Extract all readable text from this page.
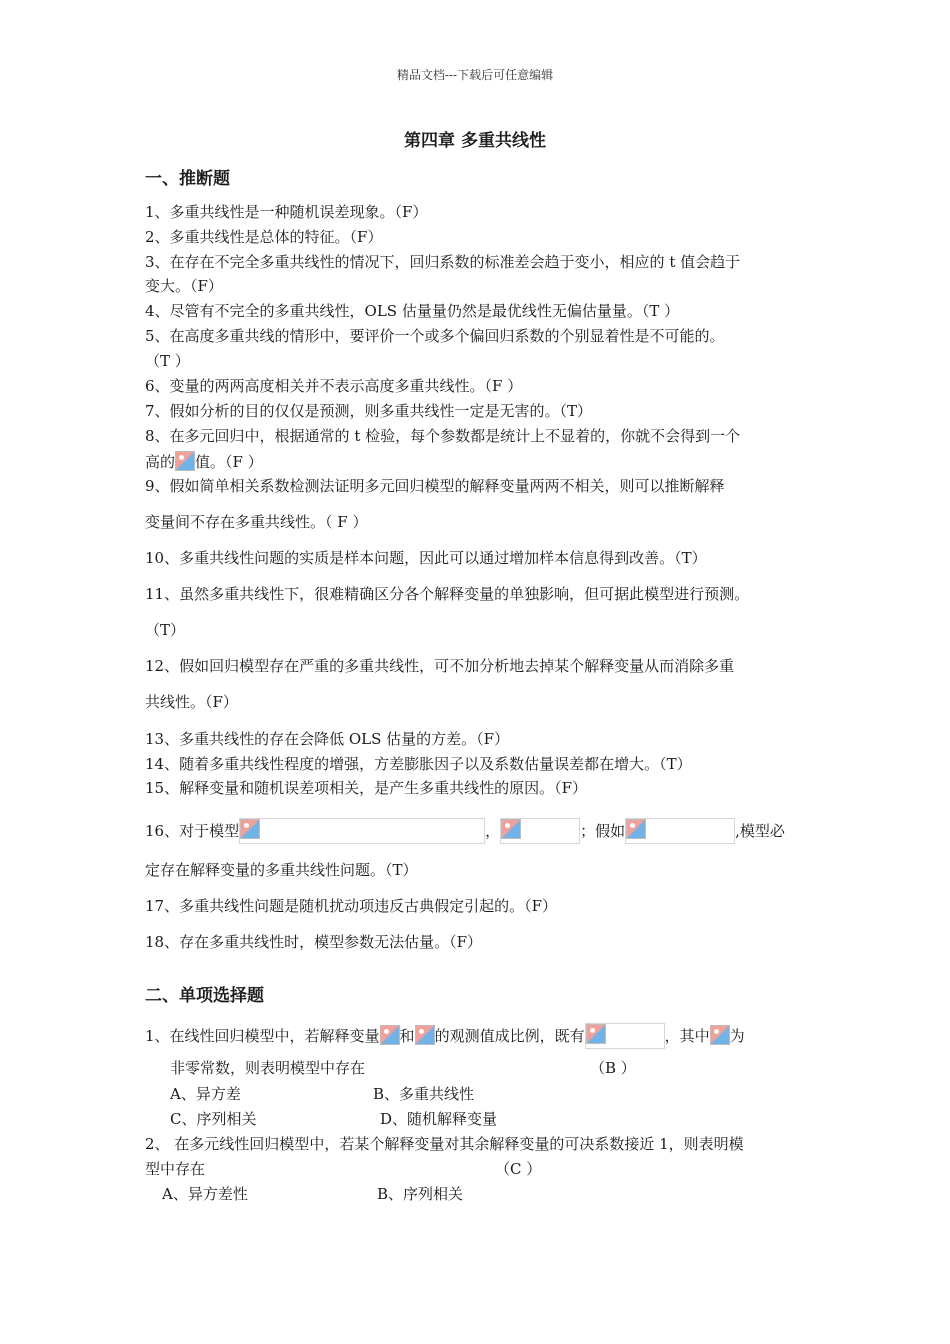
精品文档---下载后可任意编辑
第四章 多重共线性
一、推断题
1、多重共线性是一种随机误差现象。（F）
2、多重共线性是总体的特征。（F）
3、在存在不完全多重共线性的情况下，回归系数的标准差会趋于变小，相应的 t 值会趋于
变大。（F）
4、尽管有不完全的多重共线性，OLS 估量量仍然是最优线性无偏估量量。（T ）
5、在高度多重共线的情形中，要评价一个或多个偏回归系数的个别显着性是不可能的。
（T ）
6、变量的两两高度相关并不表示高度多重共线性。（F ）
7、假如分析的目的仅仅是预测，则多重共线性一定是无害的。（T）
8、在多元回归中，根据通常的 t 检验，每个参数都是统计上不显着的，你就不会得到一个
高的 值。（F ）
9、假如简单相关系数检测法证明多元回归模型的解释变量两两不相关，则可以推断解释
变量间不存在多重共线性。（ F ）
10、多重共线性问题的实质是样本问题，因此可以通过增加样本信息得到改善。（T）
11、虽然多重共线性下，很难精确区分各个解释变量的单独影响，但可据此模型进行预测。
（T）
12、假如回归模型存在严重的多重共线性，可不加分析地去掉某个解释变量从而消除多重
共线性。（F）
13、多重共线性的存在会降低 OLS 估量的方差。（F）
14、随着多重共线性程度的增强，方差膨胀因子以及系数估量误差都在增大。（T）
15、解释变量和随机误差项相关，是产生多重共线性的原因。（F）
16、对于模型	，	；假如	,模型必
定存在解释变量的多重共线性问题。（T）
17、多重共线性问题是随机扰动项违反古典假定引起的。（F）
18、存在多重共线性时，模型参数无法估量。（F）
二、单项选择题
1、在线性回归模型中，若解释变量 和 的观测值成比例，既有	，其中 为
非零常数，则表明模型中存在	（B ）
A、异方差	B、多重共线性
C、序列相关	D、随机解释变量
2、 在多元线性回归模型中，若某个解释变量对其余解释变量的可决系数接近 1，则表明模
型中存在	（C ）
A、异方差性	B、序列相关
